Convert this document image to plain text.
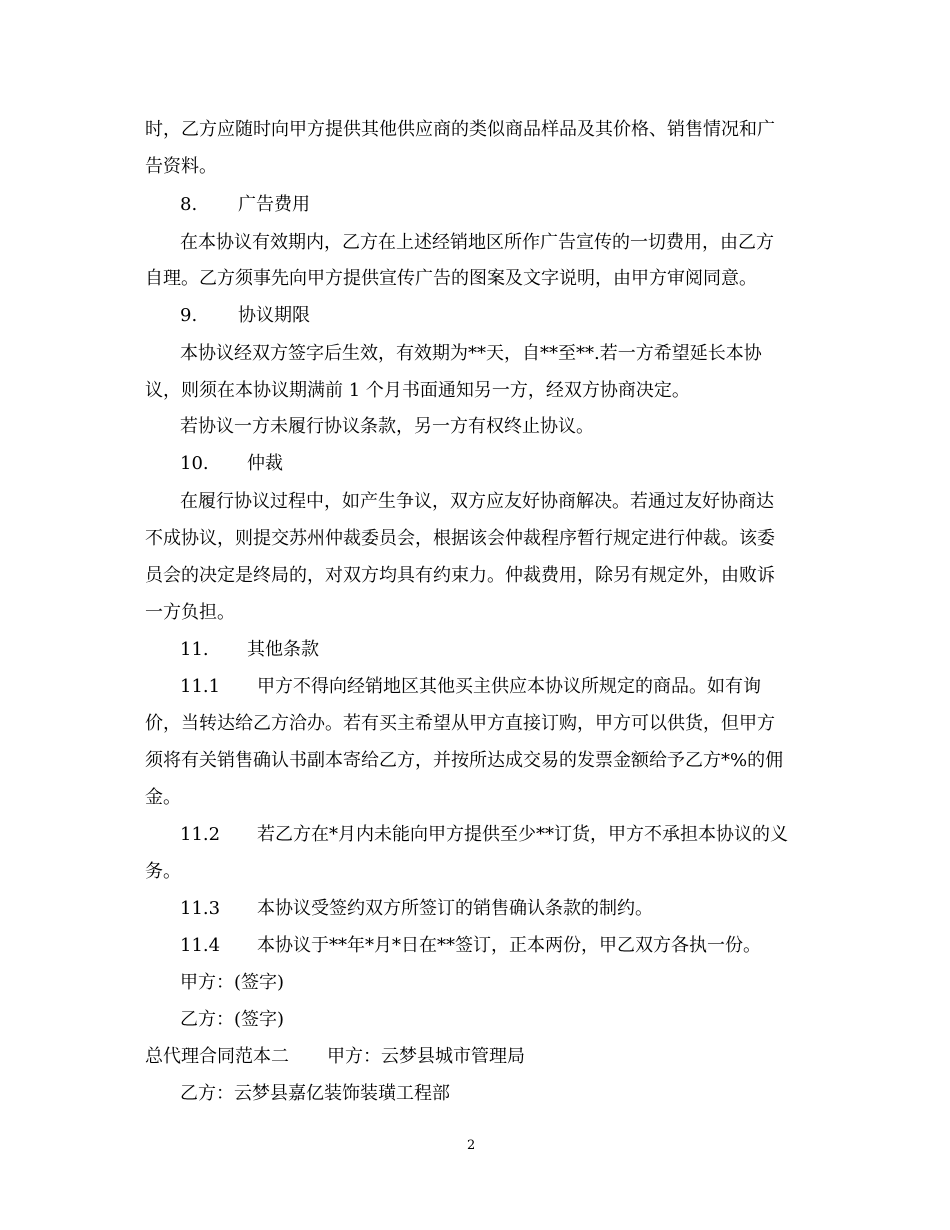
时，乙方应随时向甲方提供其他供应商的类似商品样品及其价格、销售情况和广
告资料。
8. 广告费用
在本协议有效期内，乙方在上述经销地区所作广告宣传的一切费用，由乙方
自理。乙方须事先向甲方提供宣传广告的图案及文字说明，由甲方审阅同意。
9. 协议期限
本协议经双方签字后生效，有效期为**天，自**至**.若一方希望延长本协
议，则须在本协议期满前 1 个月书面通知另一方，经双方协商决定。
若协议一方未履行协议条款，另一方有权终止协议。
10. 仲裁
在履行协议过程中，如产生争议，双方应友好协商解决。若通过友好协商达
不成协议，则提交苏州仲裁委员会，根据该会仲裁程序暂行规定进行仲裁。该委
员会的决定是终局的，对双方均具有约束力。仲裁费用，除另有规定外，由败诉
一方负担。
11. 其他条款
11.1 甲方不得向经销地区其他买主供应本协议所规定的商品。如有询
价，当转达给乙方洽办。若有买主希望从甲方直接订购，甲方可以供货，但甲方
须将有关销售确认书副本寄给乙方，并按所达成交易的发票金额给予乙方*%的佣
金。
11.2 若乙方在*月内未能向甲方提供至少**订货，甲方不承担本协议的义
务。
11.3 本协议受签约双方所签订的销售确认条款的制约。
11.4 本协议于**年*月*日在**签订，正本两份，甲乙双方各执一份。
甲方：(签字)
乙方：(签字)
总代理合同范本二 甲方：云梦县城市管理局
乙方：云梦县嘉亿装饰装璜工程部
2
